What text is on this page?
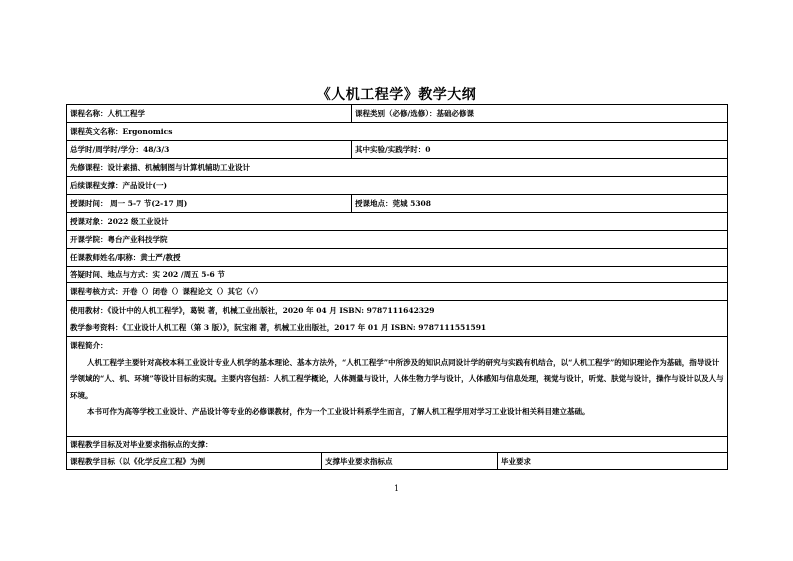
《人机工程学》教学大纲
课程名称：人机工程学	课程类别（必修/选修）：基础必修课
课程英文名称：Ergonomics
总学时/周学时/学分：48/3/3	其中实验/实践学时：0
先修课程：设计素描、机械制图与计算机辅助工业设计
后续课程支撑：产品设计(一)
授课时间： 周一 5-7 节(2-17 周)	授课地点：莞城 5308
授课对象：2022 级工业设计
开课学院：粤台产业科技学院
任课教师姓名/职称：黄士严/教授
答疑时间、地点与方式：实 202 /周五 5-6 节
课程考核方式：开卷（）闭卷（）课程论文（）其它（√）
使用教材：《设计中的人机工程学》，葛锐 著，机械工业出版社，2020 年 04 月 ISBN: 9787111642329
教学参考资料：《工业设计人机工程（第 3 版）》，阮宝湘 著，机械工业出版社，2017 年 01 月 ISBN: 9787111551591

课程简介：

人机工程学主要针对高校本科工业设计专业人机学的基本理论、基本方法外，“人机工程学”中所涉及的知识点同设计学的研究与实践有机结合，以“人机工程学”的知识理论作为基础，指导设计学领域的“人、机、环境”等设计目标的实现。主要内容包括：人机工程学概论，人体测量与设计，人体生物力学与设计，人体感知与信息处理，视觉与设计，听觉、肤觉与设计，操作与设计以及人与环境。

本书可作为高等学校工业设计、产品设计等专业的必修课教材，作为一个工业设计科系学生而言，了解人机工程学用对学习工业设计相关科目建立基础。

课程教学目标及对毕业要求指标点的支撑：
课程教学目标（以《化学反应工程》为例	支撑毕业要求指标点	毕业要求
1
